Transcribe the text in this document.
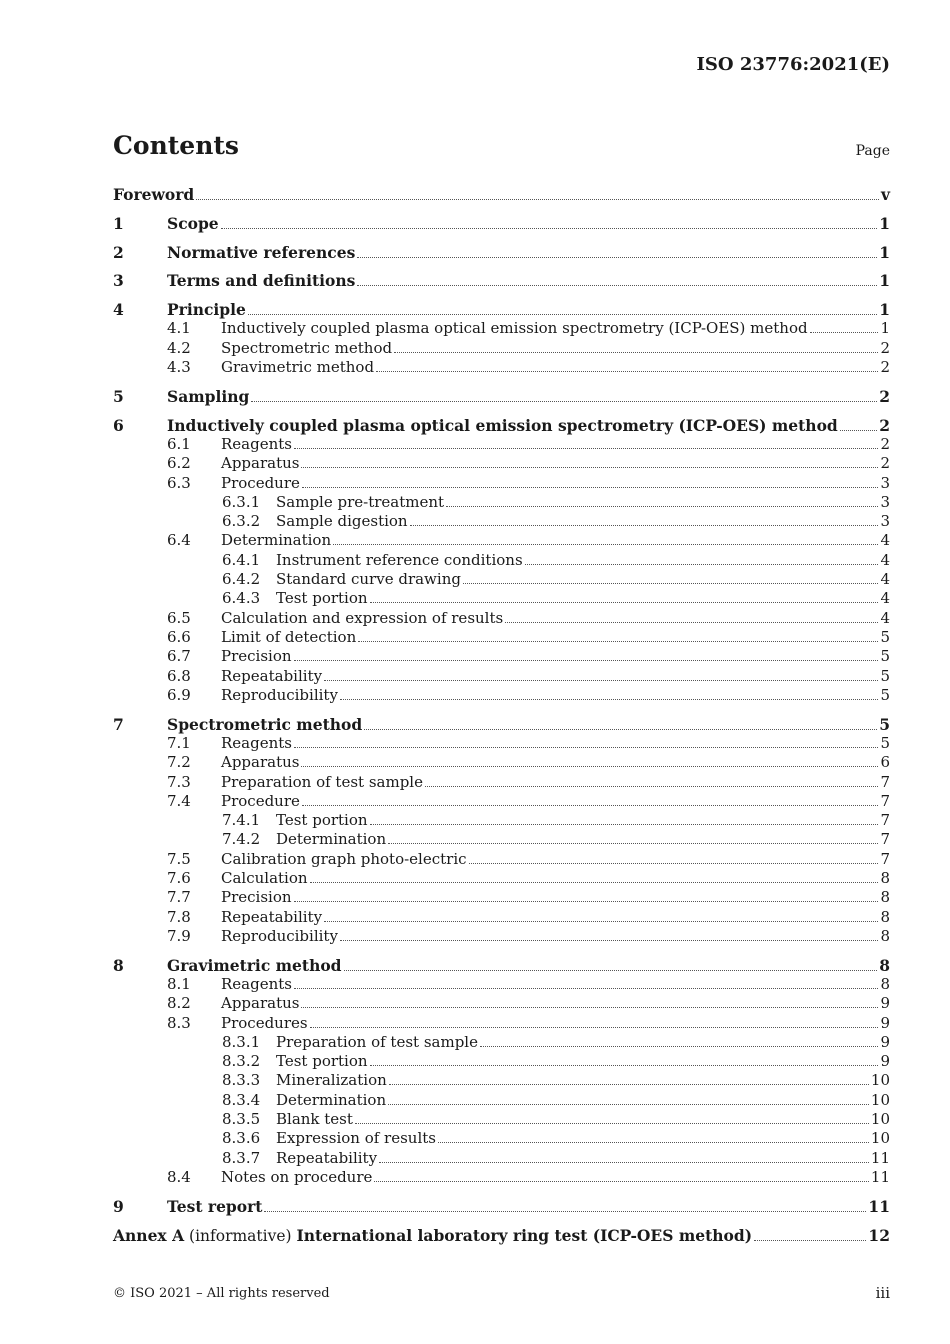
ISO 23776:2021(E)
Contents	Page
Foreword	v
1	Scope	1
2	Normative references	1
3	Terms and definitions	1
4	Principle	1
4.1	Inductively coupled plasma optical emission spectrometry (ICP-OES) method	1
4.2	Spectrometric method	2
4.3	Gravimetric method	2
5	Sampling	2
6	Inductively coupled plasma optical emission spectrometry (ICP-OES) method	2
6.1	Reagents	2
6.2	Apparatus	2
6.3	Procedure	3
6.3.1	Sample pre-treatment	3
6.3.2	Sample digestion	3
6.4	Determination	4
6.4.1	Instrument reference conditions	4
6.4.2	Standard curve drawing	4
6.4.3	Test portion	4
6.5	Calculation and expression of results	4
6.6	Limit of detection	5
6.7	Precision	5
6.8	Repeatability	5
6.9	Reproducibility	5
7	Spectrometric method	5
7.1	Reagents	5
7.2	Apparatus	6
7.3	Preparation of test sample	7
7.4	Procedure	7
7.4.1	Test portion	7
7.4.2	Determination	7
7.5	Calibration graph photo-electric	7
7.6	Calculation	8
7.7	Precision	8
7.8	Repeatability	8
7.9	Reproducibility	8
8	Gravimetric method	8
8.1	Reagents	8
8.2	Apparatus	9
8.3	Procedures	9
8.3.1	Preparation of test sample	9
8.3.2	Test portion	9
8.3.3	Mineralization	10
8.3.4	Determination	10
8.3.5	Blank test	10
8.3.6	Expression of results	10
8.3.7	Repeatability	11
8.4	Notes on procedure	11
9	Test report	11
Annex A (informative) International laboratory ring test (ICP-OES method)	12
© ISO 2021 – All rights reserved	iii
